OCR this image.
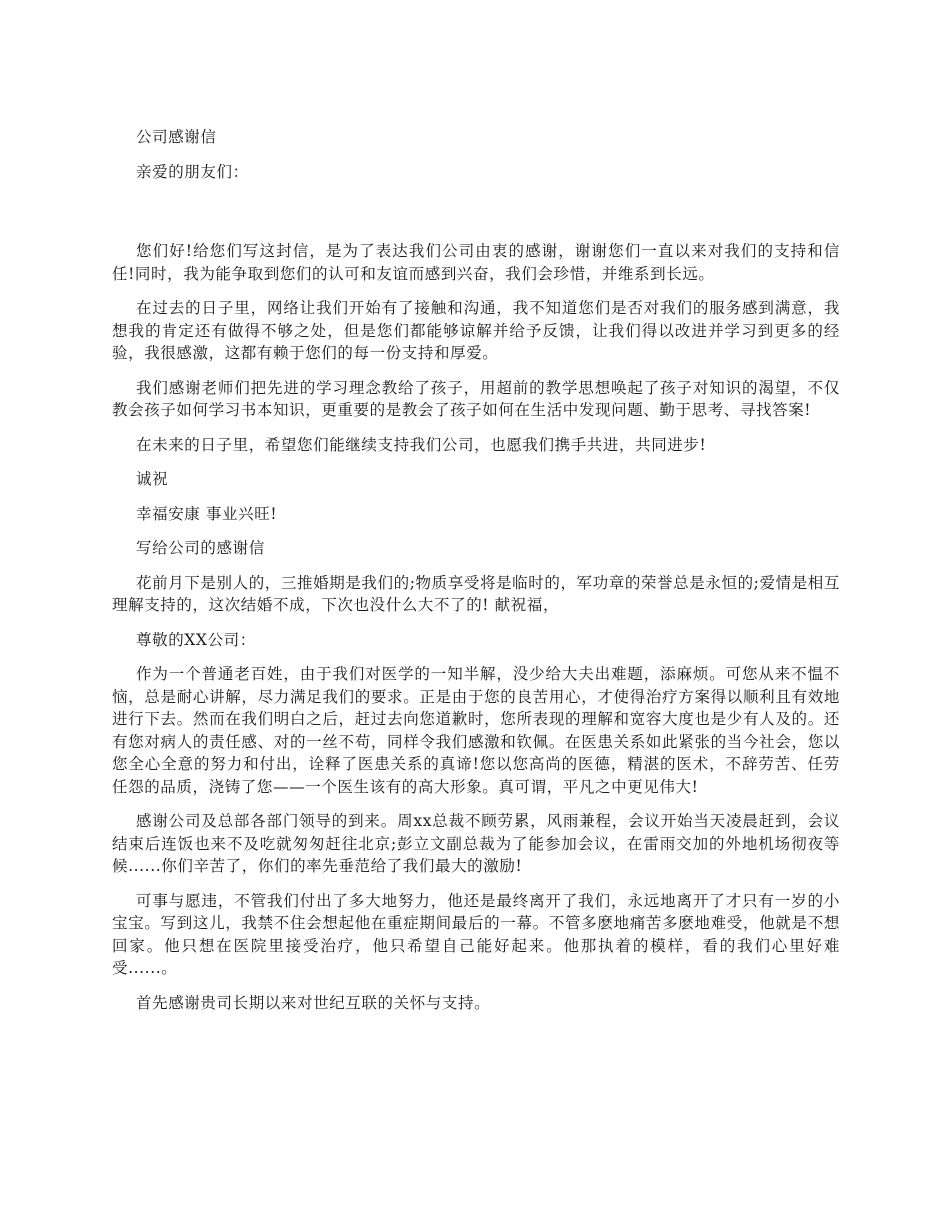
公司感谢信

亲爱的朋友们：

您们好!给您们写这封信，是为了表达我们公司由衷的感谢，谢谢您们一直以来对我们的支持和信任!同时，我为能争取到您们的认可和友谊而感到兴奋，我们会珍惜，并维系到长远。

在过去的日子里，网络让我们开始有了接触和沟通，我不知道您们是否对我们的服务感到满意，我想我的肯定还有做得不够之处，但是您们都能够谅解并给予反馈，让我们得以改进并学习到更多的经验，我很感激，这都有赖于您们的每一份支持和厚爱。

我们感谢老师们把先进的学习理念教给了孩子，用超前的教学思想唤起了孩子对知识的渴望，不仅教会孩子如何学习书本知识，更重要的是教会了孩子如何在生活中发现问题、勤于思考、寻找答案!

在未来的日子里，希望您们能继续支持我们公司，也愿我们携手共进，共同进步!

诚祝

幸福安康 事业兴旺!

写给公司的感谢信

花前月下是别人的，三推婚期是我们的;物质享受将是临时的，军功章的荣誉总是永恒的;爱情是相互理解支持的，这次结婚不成，下次也没什么大不了的! 献祝福，

尊敬的XX公司：

作为一个普通老百姓，由于我们对医学的一知半解，没少给大夫出难题，添麻烦。可您从来不愠不恼，总是耐心讲解，尽力满足我们的要求。正是由于您的良苦用心，才使得治疗方案得以顺利且有效地进行下去。然而在我们明白之后，赶过去向您道歉时，您所表现的理解和宽容大度也是少有人及的。还有您对病人的责任感、对的一丝不苟，同样令我们感激和钦佩。在医患关系如此紧张的当今社会，您以您全心全意的努力和付出，诠释了医患关系的真谛!您以您高尚的医德，精湛的医术，不辞劳苦、任劳任怨的品质，浇铸了您——一个医生该有的高大形象。真可谓，平凡之中更见伟大!

感谢公司及总部各部门领导的到来。周xx总裁不顾劳累，风雨兼程，会议开始当天凌晨赶到，会议结束后连饭也来不及吃就匆匆赶往北京;彭立文副总裁为了能参加会议，在雷雨交加的外地机场彻夜等候......你们辛苦了，你们的率先垂范给了我们最大的激励!

可事与愿违，不管我们付出了多大地努力，他还是最终离开了我们，永远地离开了才只有一岁的小宝宝。写到这儿，我禁不住会想起他在重症期间最后的一幕。不管多麽地痛苦多麽地难受，他就是不想回家。他只想在医院里接受治疗，他只希望自己能好起来。他那执着的模样，看的我们心里好难受......。

首先感谢贵司长期以来对世纪互联的关怀与支持。
